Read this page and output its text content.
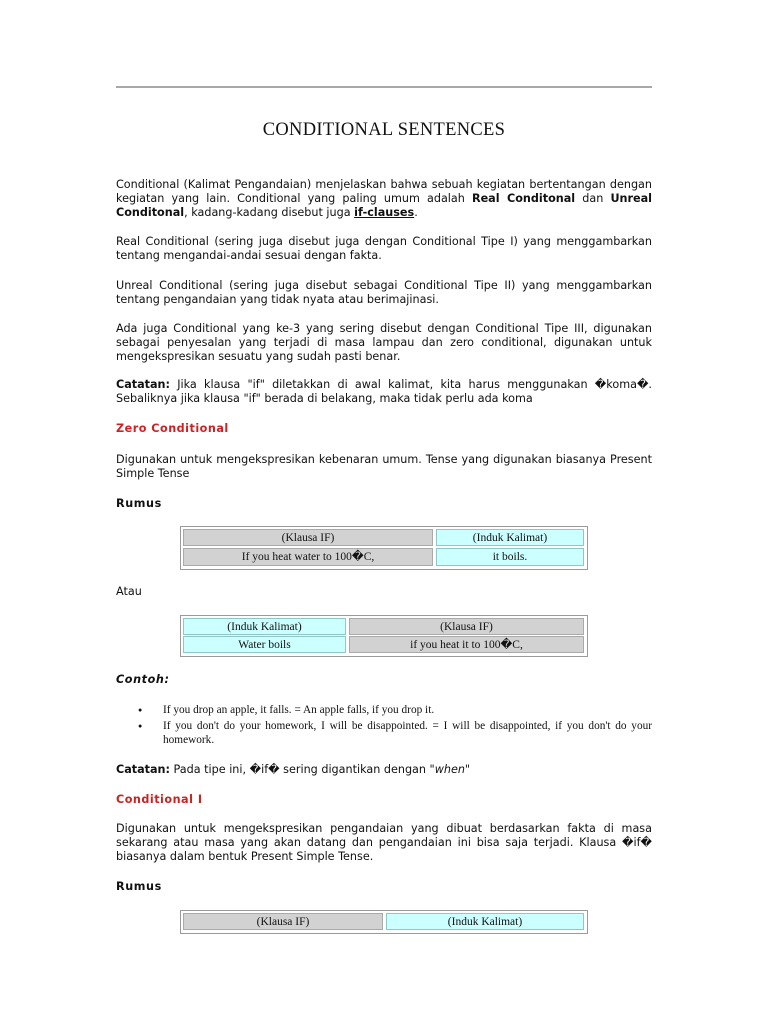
CONDITIONAL SENTENCES

Conditional (Kalimat Pengandaian) menjelaskan bahwa sebuah kegiatan bertentangan dengan kegiatan yang lain. Conditional yang paling umum adalah Real Conditonal dan Unreal Conditonal, kadang-kadang disebut juga if-clauses.

Real Conditional (sering juga disebut juga dengan Conditional Tipe I) yang menggambarkan tentang mengandai-andai sesuai dengan fakta.

Unreal Conditional (sering juga disebut sebagai Conditional Tipe II) yang menggambarkan tentang pengandaian yang tidak nyata atau berimajinasi.

Ada juga Conditional yang ke-3 yang sering disebut dengan Conditional Tipe III, digunakan sebagai penyesalan yang terjadi di masa lampau dan zero conditional, digunakan untuk mengekspresikan sesuatu yang sudah pasti benar.

Catatan: Jika klausa "if" diletakkan di awal kalimat, kita harus menggunakan �koma�. Sebaliknya jika klausa "if" berada di belakang, maka tidak perlu ada koma

Zero Conditional

Digunakan untuk mengekspresikan kebenaran umum. Tense yang digunakan biasanya Present Simple Tense

Rumus
(Klausa IF)	(Induk Kalimat)
If you heat water to 100�C,	it boils.
Atau
(Induk Kalimat)	(Klausa IF)
Water boils	if you heat it to 100�C,
Contoh:
● If you drop an apple, it falls. = An apple falls, if you drop it.
● If you don't do your homework, I will be disappointed. = I will be disappointed, if you don't do your homework.

Catatan: Pada tipe ini, �if� sering digantikan dengan "when"

Conditional I

Digunakan untuk mengekspresikan pengandaian yang dibuat berdasarkan fakta di masa sekarang atau masa yang akan datang dan pengandaian ini bisa saja terjadi. Klausa �if� biasanya dalam bentuk Present Simple Tense.

Rumus
(Klausa IF)	(Induk Kalimat)
